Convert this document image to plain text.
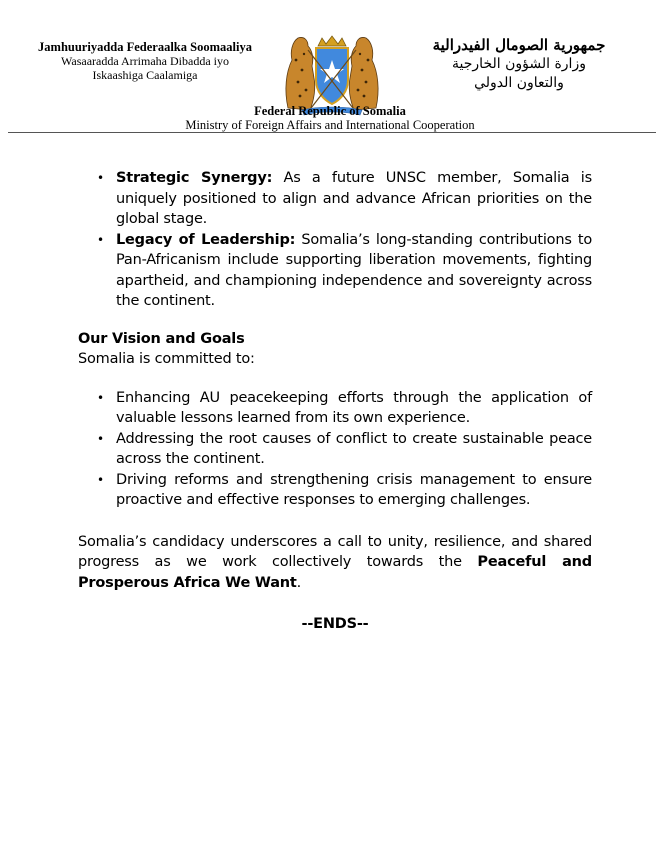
Jamhuuriyadda Federaalka Soomaaliya
Wasaaradda Arrimaha Dibadda iyo
Iskaashiga Caalamiga
جمهورية الصومال الفيدرالية
وزارة الشؤون الخارجية
والتعاون الدولي
Federal Republic of Somalia
Ministry of Foreign Affairs and International Cooperation
• Strategic Synergy: As a future UNSC member, Somalia is uniquely positioned to align and advance African priorities on the global stage.
• Legacy of Leadership: Somalia’s long-standing contributions to Pan-Africanism include supporting liberation movements, fighting apartheid, and championing independence and sovereignty across the continent.
Our Vision and Goals
Somalia is committed to:
• Enhancing AU peacekeeping efforts through the application of valuable lessons learned from its own experience.
• Addressing the root causes of conflict to create sustainable peace across the continent.
• Driving reforms and strengthening crisis management to ensure proactive and effective responses to emerging challenges.
Somalia’s candidacy underscores a call to unity, resilience, and shared progress as we work collectively towards the Peaceful and Prosperous Africa We Want.
--ENDS--
